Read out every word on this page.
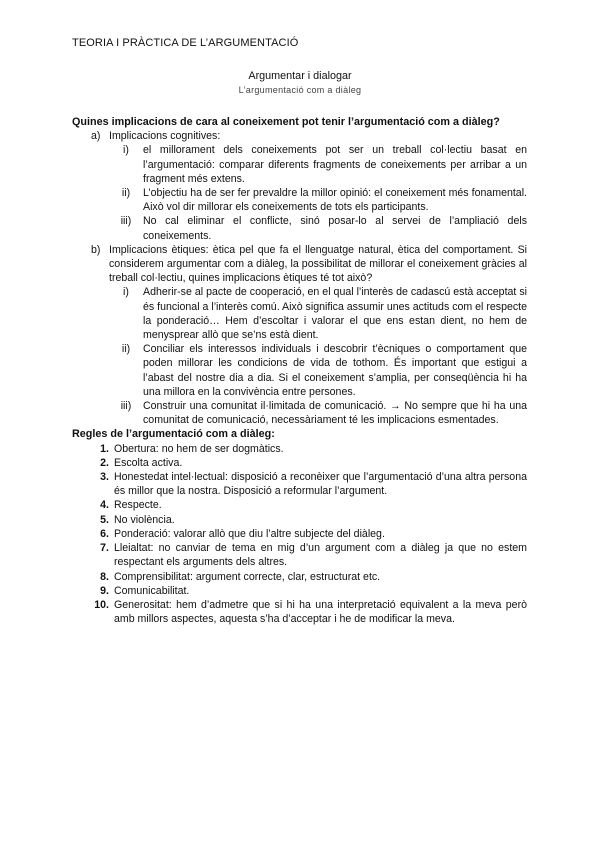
TEORIA I PRÀCTICA DE L’ARGUMENTACIÓ
Argumentar i dialogar
L’argumentació com a diàleg
Quines implicacions de cara al coneixement pot tenir l’argumentació com a diàleg?
a) Implicacions cognitives:
i)	el millorament dels coneixements pot ser un treball col·lectiu basat en l’argumentació: comparar diferents fragments de coneixements per arribar a un fragment més extens.
ii)	L’objectiu ha de ser fer prevaldre la millor opinió: el coneixement més fonamental. Això vol dir millorar els coneixements de tots els participants.
iii)	No cal eliminar el conflicte, sinó posar-lo al servei de l’ampliació dels coneixements.
b) Implicacions ètiques: ètica pel que fa el llenguatge natural, ètica del comportament. Si considerem argumentar com a diàleg, la possibilitat de millorar el coneixement gràcies al treball col·lectiu, quines implicacions ètiques té tot això?
i)	Adherir-se al pacte de cooperació, en el qual l’interès de cadascú està acceptat si és funcional a l’interès comú. Això significa assumir unes actituds com el respecte la ponderació… Hem d’escoltar i valorar el que ens estan dient, no hem de menysprear allò que se’ns està dient.
ii)	Conciliar els interessos individuals i descobrir t’ècniques o comportament que poden millorar les condicions de vida de tothom. És important que estigui a l’abast del nostre dia a dia. Si el coneixement s’amplia, per conseqüència hi ha una millora en la convivència entre persones.
iii)	Construir una comunitat il·limitada de comunicació. → No sempre que hi ha una comunitat de comunicació, necessàriament té les implicacions esmentades.
Regles de l’argumentació com a diàleg:
1. Obertura: no hem de ser dogmàtics.
2. Escolta activa.
3. Honestedat intel·lectual: disposició a reconèixer que l’argumentació d’una altra persona és millor que la nostra. Disposició a reformular l’argument.
4. Respecte.
5. No violència.
6. Ponderació: valorar allò que diu l’altre subjecte del diàleg.
7. Lleialtat: no canviar de tema en mig d’un argument com a diàleg ja que no estem respectant els arguments dels altres.
8. Comprensibilitat: argument correcte, clar, estructurat etc.
9. Comunicabilitat.
10. Generositat: hem d’admetre que si hi ha una interpretació equivalent a la meva però amb millors aspectes, aquesta s’ha d’acceptar i he de modificar la meva.
